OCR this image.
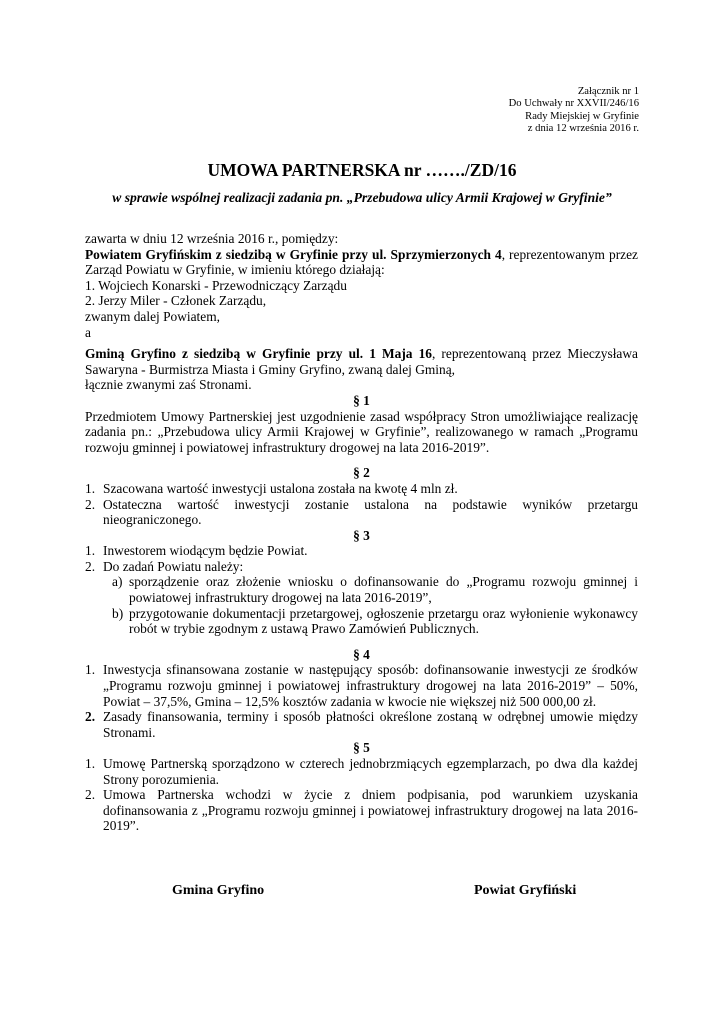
Załącznik nr 1
Do Uchwały nr XXVII/246/16
Rady Miejskiej w Gryfinie
z dnia 12 września 2016 r.
UMOWA PARTNERSKA nr ……./ZD/16
w sprawie wspólnej realizacji zadania pn. „Przebudowa ulicy Armii Krajowej w Gryfinie”
zawarta w dniu 12 września 2016 r., pomiędzy:
Powiatem Gryfińskim z siedzibą w Gryfinie przy ul. Sprzymierzonych 4, reprezentowanym przez Zarząd Powiatu w Gryfinie, w imieniu którego działają:
1. Wojciech Konarski - Przewodniczący Zarządu
2. Jerzy Miler - Członek Zarządu,
zwanym dalej Powiatem,
a
Gminą Gryfino z siedzibą w Gryfinie przy ul. 1 Maja 16, reprezentowaną przez Mieczysława Sawaryna - Burmistrza Miasta i Gminy Gryfino, zwaną dalej Gminą,
łącznie zwanymi zaś Stronami.
§ 1
Przedmiotem Umowy Partnerskiej jest uzgodnienie zasad współpracy Stron umożliwiające realizację zadania pn.: „Przebudowa ulicy Armii Krajowej w Gryfinie”, realizowanego w ramach „Programu rozwoju gminnej i powiatowej infrastruktury drogowej na lata 2016-2019”.
§ 2
1. Szacowana wartość inwestycji ustalona została na kwotę 4 mln zł.
2. Ostateczna wartość inwestycji zostanie ustalona na podstawie wyników przetargu nieograniczonego.
§ 3
1. Inwestorem wiodącym będzie Powiat.
2. Do zadań Powiatu należy:
a) sporządzenie oraz złożenie wniosku o dofinansowanie do „Programu rozwoju gminnej i powiatowej infrastruktury drogowej na lata 2016-2019”,
b) przygotowanie dokumentacji przetargowej, ogłoszenie przetargu oraz wyłonienie wykonawcy robót w trybie zgodnym z ustawą Prawo Zamówień Publicznych.
§ 4
1. Inwestycja sfinansowana zostanie w następujący sposób: dofinansowanie inwestycji ze środków „Programu rozwoju gminnej i powiatowej infrastruktury drogowej na lata 2016-2019” – 50%, Powiat – 37,5%, Gmina – 12,5% kosztów zadania w kwocie nie większej niż 500 000,00 zł.
2. Zasady finansowania, terminy i sposób płatności określone zostaną w odrębnej umowie między Stronami.
§ 5
1. Umowę Partnerską sporządzono w czterech jednobrzmiących egzemplarzach, po dwa dla każdej Strony porozumienia.
2. Umowa Partnerska wchodzi w życie z dniem podpisania, pod warunkiem uzyskania dofinansowania z „Programu rozwoju gminnej i powiatowej infrastruktury drogowej na lata 2016-2019”.
Gmina Gryfino	Powiat Gryfiński
